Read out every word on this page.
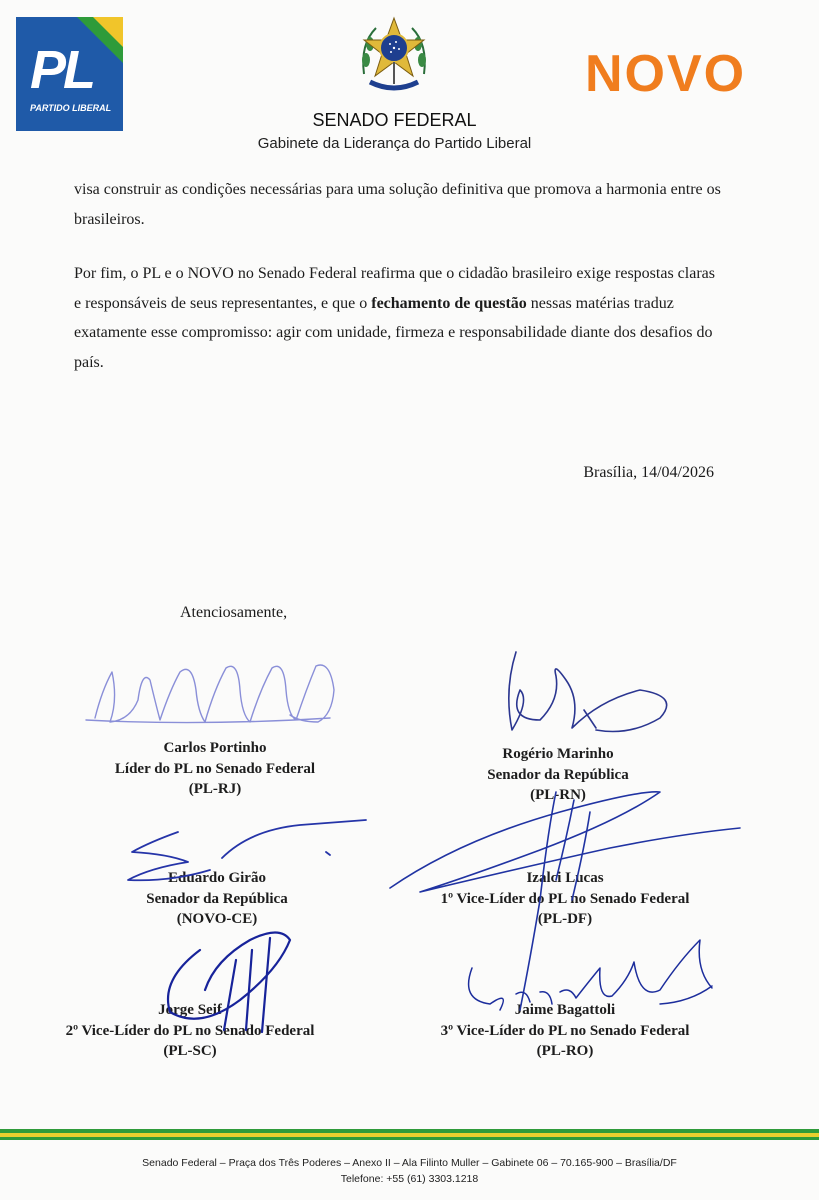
PL
PARTIDO LIBERAL
NOVO
SENADO FEDERAL
Gabinete da Liderança do Partido Liberal
visa construir as condições necessárias para uma solução definitiva que promova a harmonia entre os brasileiros.
Por fim, o PL e o NOVO no Senado Federal reafirma que o cidadão brasileiro exige respostas claras e responsáveis de seus representantes, e que o fechamento de questão nessas matérias traduz exatamente esse compromisso: agir com unidade, firmeza e responsabilidade diante dos desafios do país.
Brasília, 14/04/2026
Atenciosamente,
Carlos Portinho
Líder do PL no Senado Federal
(PL-RJ)
Rogério Marinho
Senador da República
(PL-RN)
Eduardo Girão
Senador da República
(NOVO-CE)
Izalci Lucas
1º Vice-Líder do PL no Senado Federal
(PL-DF)
Jorge Seif
2º Vice-Líder do PL no Senado Federal
(PL-SC)
Jaime Bagattoli
3º Vice-Líder do PL no Senado Federal
(PL-RO)
Senado Federal – Praça dos Três Poderes – Anexo II – Ala Filinto Muller – Gabinete 06 – 70.165-900 – Brasília/DF
Telefone: +55 (61) 3303.1218
